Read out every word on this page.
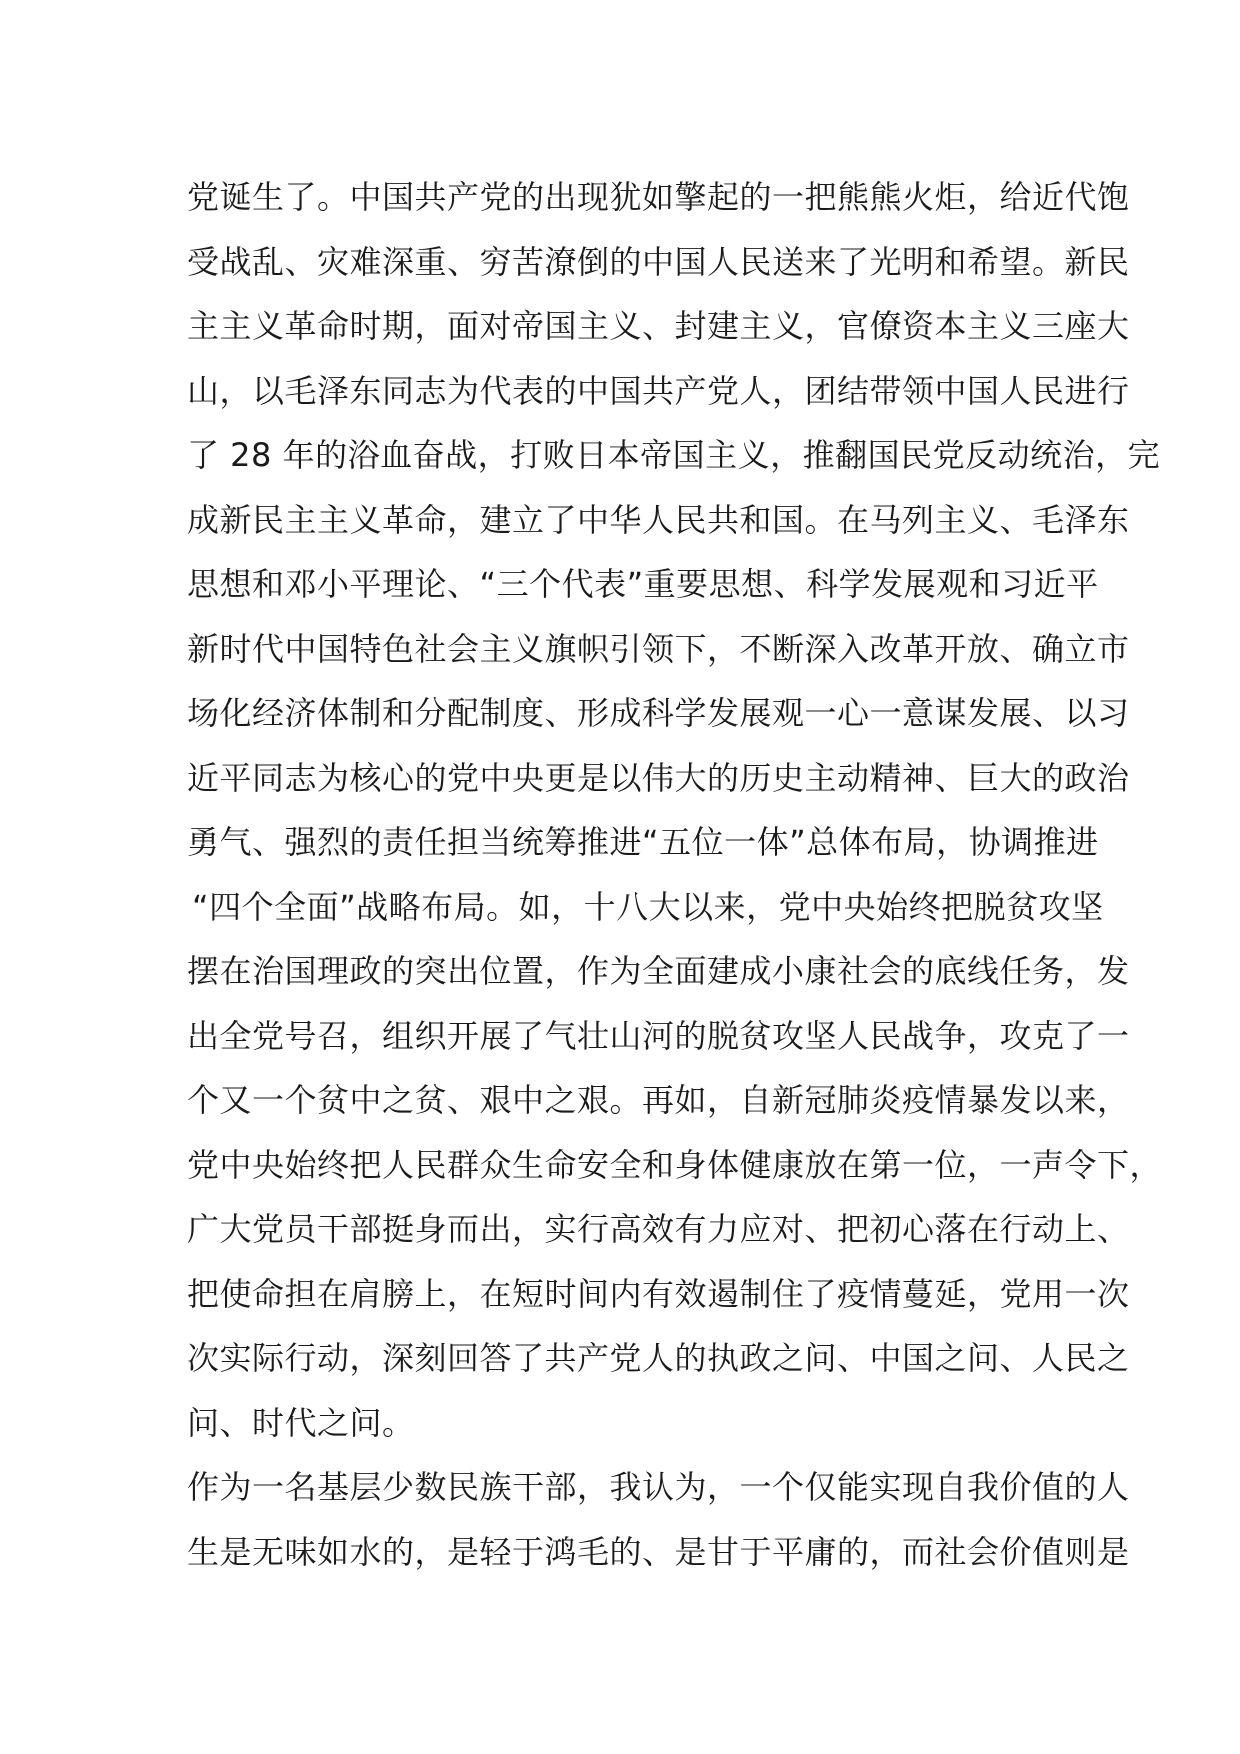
党诞生了。中国共产党的出现犹如擎起的一把熊熊火炬，给近代饱
受战乱、灾难深重、穷苦潦倒的中国人民送来了光明和希望。新民
主主义革命时期，面对帝国主义、封建主义，官僚资本主义三座大
山，以毛泽东同志为代表的中国共产党人，团结带领中国人民进行
了 28 年的浴血奋战，打败日本帝国主义，推翻国民党反动统治，完
成新民主主义革命，建立了中华人民共和国。在马列主义、毛泽东
思想和邓小平理论、“三个代表”重要思想、科学发展观和习近平
新时代中国特色社会主义旗帜引领下，不断深入改革开放、确立市
场化经济体制和分配制度、形成科学发展观一心一意谋发展、以习
近平同志为核心的党中央更是以伟大的历史主动精神、巨大的政治
勇气、强烈的责任担当统筹推进“五位一体”总体布局，协调推进
“四个全面”战略布局。如，十八大以来，党中央始终把脱贫攻坚
摆在治国理政的突出位置，作为全面建成小康社会的底线任务，发
出全党号召，组织开展了气壮山河的脱贫攻坚人民战争，攻克了一
个又一个贫中之贫、艰中之艰。再如，自新冠肺炎疫情暴发以来，
党中央始终把人民群众生命安全和身体健康放在第一位，一声令下，
广大党员干部挺身而出，实行高效有力应对、把初心落在行动上、
把使命担在肩膀上，在短时间内有效遏制住了疫情蔓延，党用一次
次实际行动，深刻回答了共产党人的执政之问、中国之问、人民之
问、时代之问。
作为一名基层少数民族干部，我认为，一个仅能实现自我价值的人
生是无味如水的，是轻于鸿毛的、是甘于平庸的，而社会价值则是
